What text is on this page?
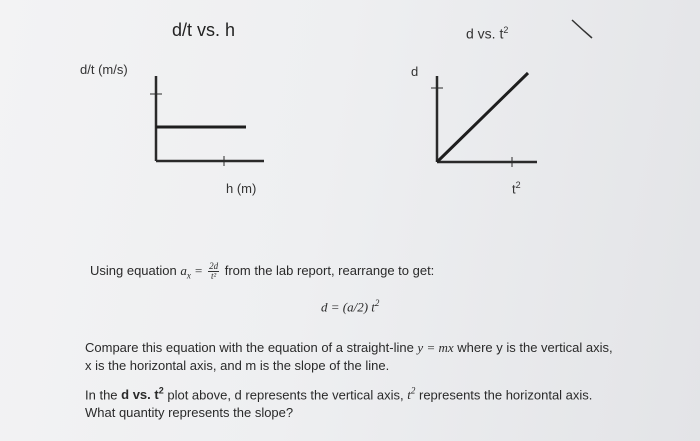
d/t vs. h
d/t (m/s)
h (m)
d vs. $t^2$
d
$t^2$
Using equation $a_x = \frac{2d}{\text{t²}}$ from the lab report, rearrange to get:
d = (a/2) $t^2$
Compare this equation with the equation of a straight-line y = mx where y is the vertical axis,
x is the horizontal axis, and m is the slope of the line.
In the d vs. $t^2$ plot above, d represents the vertical axis, $t^2$ represents the horizontal axis.
What quantity represents the slope?
